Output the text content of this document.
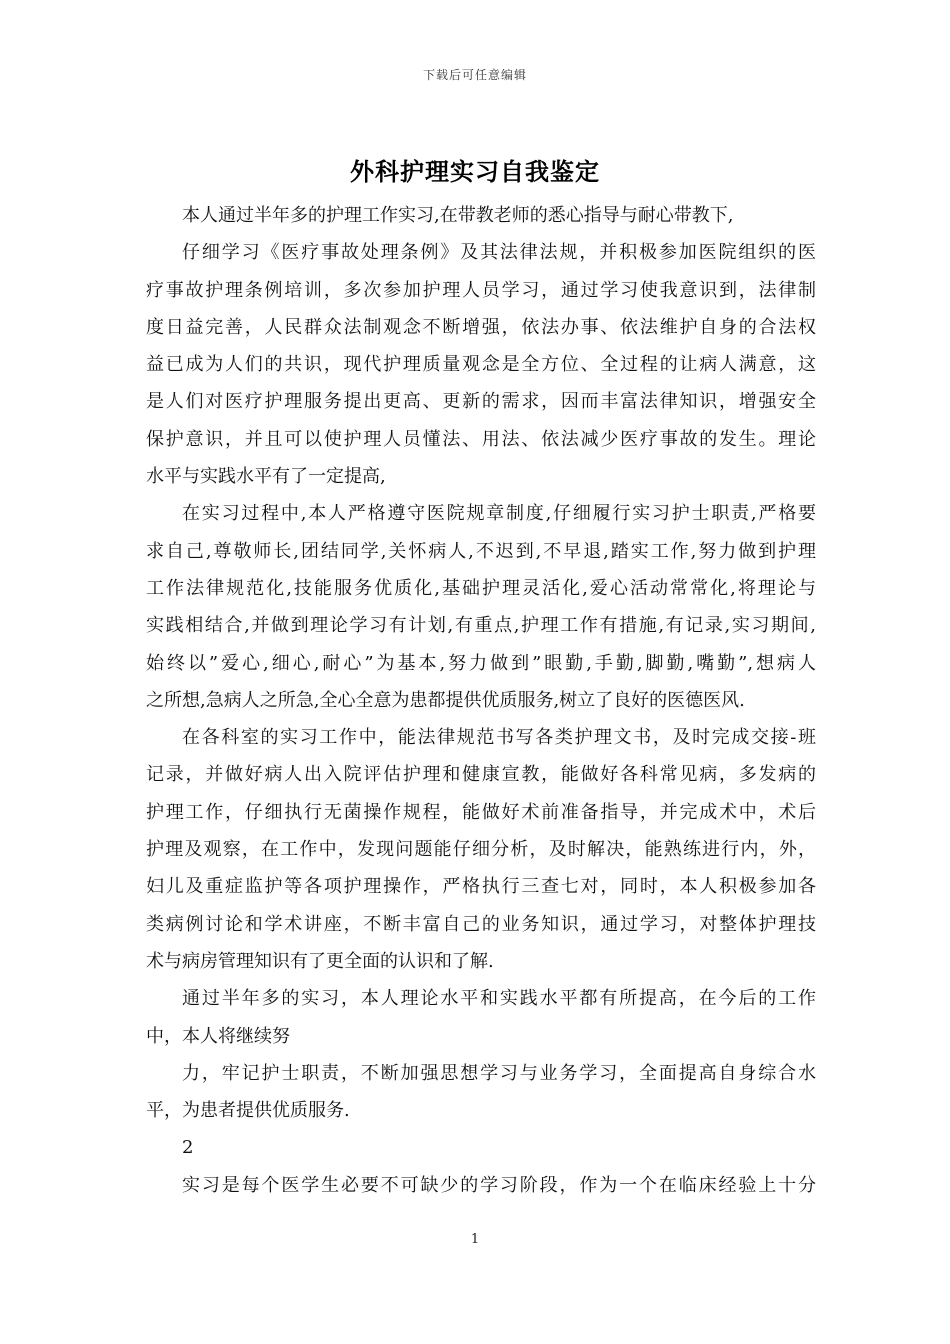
下载后可任意编辑
外科护理实习自我鉴定
本人通过半年多的护理工作实习,在带教老师的悉心指导与耐心带教下,
仔细学习《医疗事故处理条例》及其法律法规，并积极参加医院组织的医
疗事故护理条例培训，多次参加护理人员学习，通过学习使我意识到，法律制
度日益完善，人民群众法制观念不断增强，依法办事、依法维护自身的合法权
益已成为人们的共识，现代护理质量观念是全方位、全过程的让病人满意，这
是人们对医疗护理服务提出更高、更新的需求，因而丰富法律知识，增强安全
保护意识，并且可以使护理人员懂法、用法、依法减少医疗事故的发生。理论
水平与实践水平有了一定提高,
在实习过程中,本人严格遵守医院规章制度,仔细履行实习护士职责,严格要
求自己,尊敬师长,团结同学,关怀病人,不迟到,不早退,踏实工作,努力做到护理
工作法律规范化,技能服务优质化,基础护理灵活化,爱心活动常常化,将理论与
实践相结合,并做到理论学习有计划,有重点,护理工作有措施,有记录,实习期间,
始终以”爱心,细心,耐心”为基本,努力做到”眼勤,手勤,脚勤,嘴勤”,想病人
之所想,急病人之所急,全心全意为患都提供优质服务,树立了良好的医德医风.
在各科室的实习工作中，能法律规范书写各类护理文书，及时完成交接-班
记录，并做好病人出入院评估护理和健康宣教，能做好各科常见病，多发病的
护理工作，仔细执行无菌操作规程，能做好术前准备指导，并完成术中，术后
护理及观察，在工作中，发现问题能仔细分析，及时解决，能熟练进行内，外，
妇儿及重症监护等各项护理操作，严格执行三查七对，同时，本人积极参加各
类病例讨论和学术讲座，不断丰富自己的业务知识，通过学习，对整体护理技
术与病房管理知识有了更全面的认识和了解.
通过半年多的实习，本人理论水平和实践水平都有所提高，在今后的工作
中，本人将继续努
力，牢记护士职责，不断加强思想学习与业务学习，全面提高自身综合水
平，为患者提供优质服务.
2
实习是每个医学生必要不可缺少的学习阶段，作为一个在临床经验上十分
1
